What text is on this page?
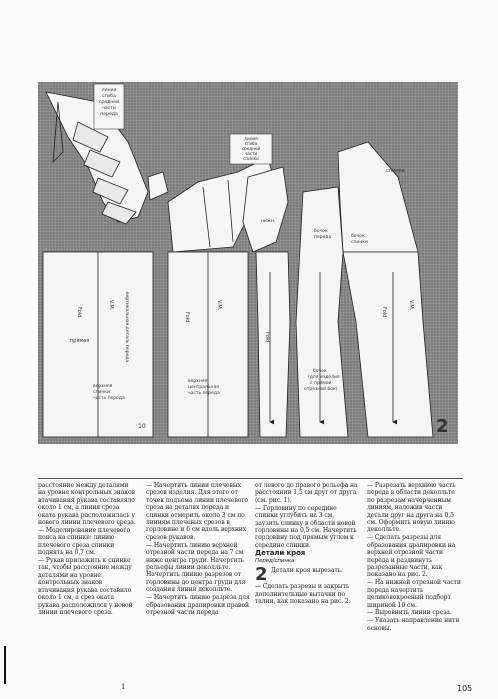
линия
сгиба
средней
части
переда
линия
сгиба
средней
части
спинки
нижн.
спинка
прямая
V.M.
Fold	вертикальная деталь переда
верхняя
спинки
часть переда
10
Fold
V.M.
верхняя
центральная
часть переда
Fold
бочок
(для изделия
с прямой
отрезной бок)
бочок
переда	бочок
спинки
V.M.
Fold
2

расстояние между деталями на уровне контрольных знаков втачивания рукава составляло около 1 см, а линия среза оката рукава расположилась у нового линии плечевого среза.

— Моделирование плечевого пояса на спинке: линию плечевого среза спинки поднять на 0,7 см.

— Рукав прилажить к спинке так, чтобы расстояние между деталями на уровне контрольных знаков втачивания рукава составило около 1 см, а срез оката рукава расположился у новой линии плечевого среза.

— Начертить линии плечевых срезов изделия. Для этого от точек подъема линии плечевого среза на деталях переда и спинки отмерить около 3 см по линиям плечевых срезов в горловине и 6 см вдоль верхних срезов рукавов.

— Начертить линию верхней отрезной части переда на 7 см ниже центра груди. Начертить рельефы линии деколльте. Начертить линию разрезов от горловины до центра груди для создания линии деколльте.

— Начертить линию разреза для образования драпировки правой отрезной части переда

от левого до правого рельефа на расстоянии 1,5 см друг от друга (см. рис. 1).

— Горловину по середине спинки углубить на 3 см, заузить спинку в области новой горловины на 0,5 см. Начертить горловину под прямым углом к середине спинки.

Детали кроя
Перед/спинка:

2 Детали кроя вырезать.

— Сделать разрезы и закрыть дополнительные вытачки по талии, как показано на рис. 2.

— Разрезать верхнюю часть переда в области деколльте по разрезам начерченным линиям, наложив части детали друг на друга на 0,5 см. Оформить новую линию деколльте.

— Сделать разрезы для образования драпировки на верхней отрезной части переда и раздвинуть разрезанные части, как показано на рис. 2.

— На нижней отрезной части переда начертить целиковокроеный подборт шириной 10 см.

— Выровнить линии среза.

— Указать направление нити основы.

1	105
